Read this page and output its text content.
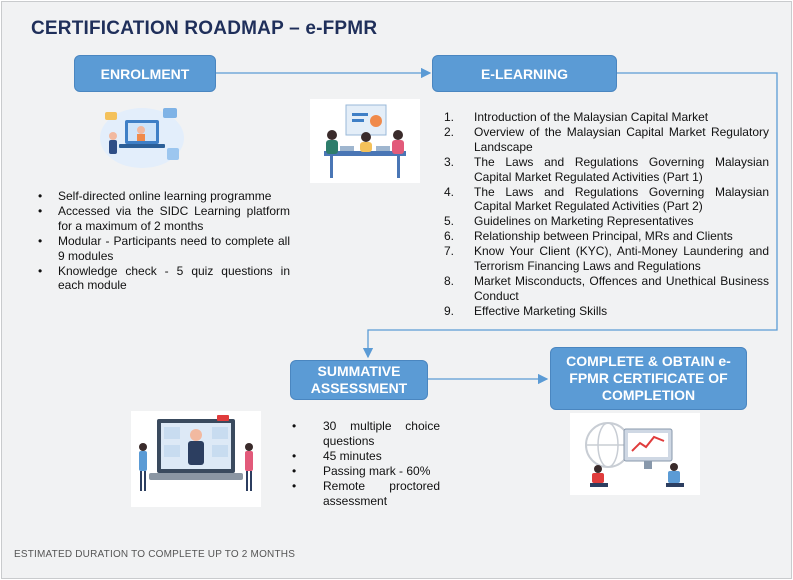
CERTIFICATION ROADMAP – e-FPMR
ENROLMENT	E-LEARNING
SUMMATIVE ASSESSMENT
COMPLETE & OBTAIN e-FPMR CERTIFICATE OF COMPLETION
• Self-directed online learning programme
• Accessed via the SIDC Learning platform for a maximum of 2 months
• Modular - Participants need to complete all 9 modules
• Knowledge check - 5 quiz questions in each module
1. Introduction of the Malaysian Capital Market
2. Overview of the Malaysian Capital Market Regulatory Landscape
3. The Laws and Regulations Governing Malaysian Capital Market Regulated Activities (Part 1)
4. The Laws and Regulations Governing Malaysian Capital Market Regulated Activities (Part 2)
5. Guidelines on Marketing Representatives
6. Relationship between Principal, MRs and Clients
7. Know Your Client (KYC), Anti-Money Laundering and Terrorism Financing Laws and Regulations
8. Market Misconducts, Offences and Unethical Business Conduct
9. Effective Marketing Skills
• 30 multiple choice questions
• 45 minutes
• Passing mark - 60%
• Remote proctored assessment
ESTIMATED DURATION TO COMPLETE UP TO 2 MONTHS
